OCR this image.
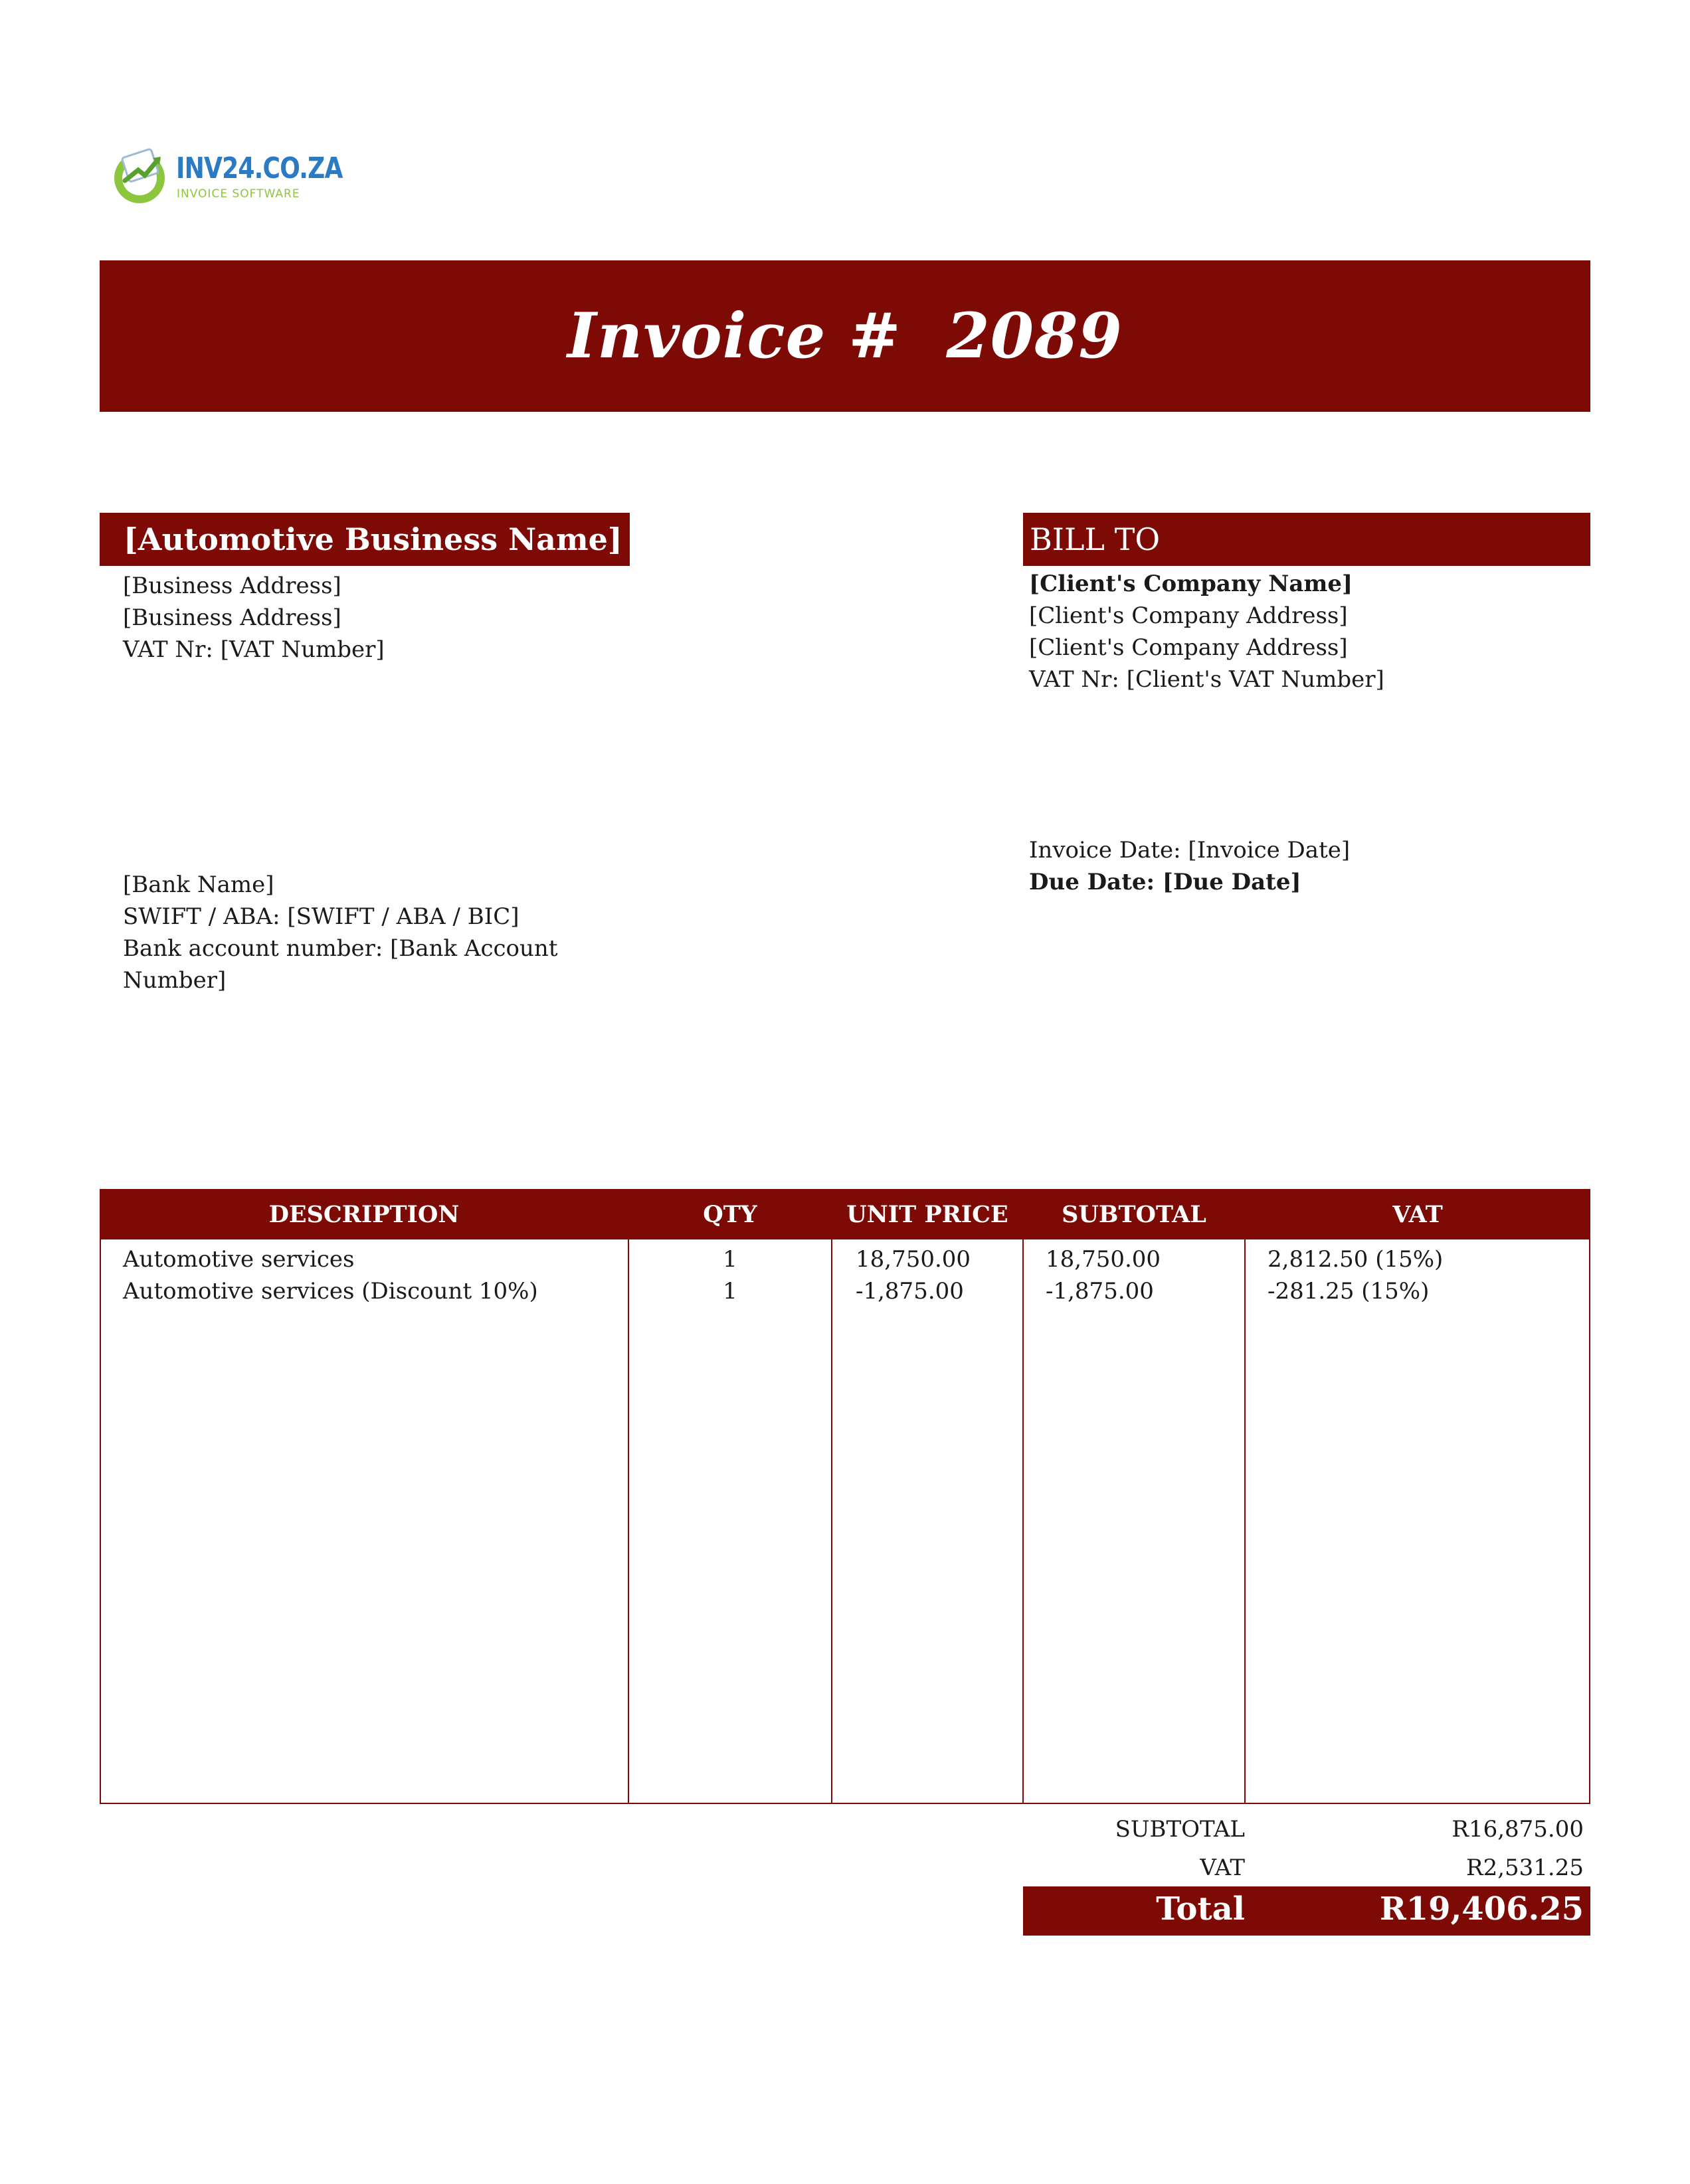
INV24.CO.ZA
INVOICE SOFTWARE
Invoice #  2089
[Automotive Business Name]
[Business Address]
[Business Address]
VAT Nr: [VAT Number]
BILL TO
[Client's Company Name]
[Client's Company Address]
[Client's Company Address]
VAT Nr: [Client's VAT Number]
Invoice Date: [Invoice Date]
Due Date: [Due Date]
[Bank Name]
SWIFT / ABA: [SWIFT / ABA / BIC]
Bank account number: [Bank Account
Number]
DESCRIPTION	QTY	UNIT PRICE	SUBTOTAL	VAT
Automotive services	1	18,750.00	18,750.00	2,812.50 (15%)
Automotive services (Discount 10%)	1	-1,875.00	-1,875.00	-281.25 (15%)
SUBTOTAL	R16,875.00
VAT	R2,531.25
Total	R19,406.25
